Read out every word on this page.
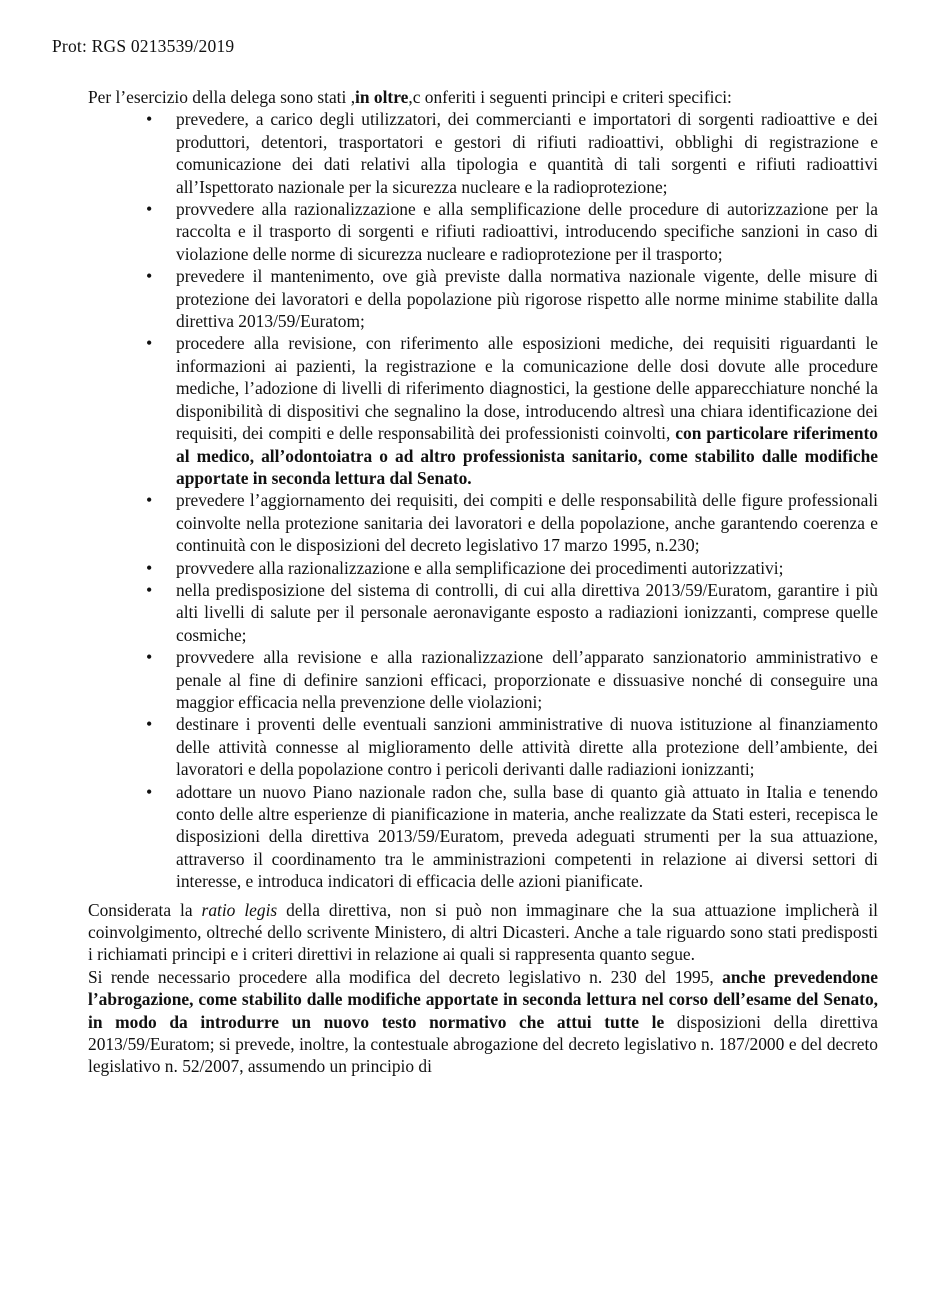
Prot: RGS 0213539/2019

Per l’esercizio della delega sono stati ,in oltre,c onferiti i seguenti principi e criteri specifici:

• prevedere, a carico degli utilizzatori, dei commercianti e importatori di sorgenti radioattive e dei produttori, detentori, trasportatori e gestori di rifiuti radioattivi, obblighi di registrazione e comunicazione dei dati relativi alla tipologia e quantità di tali sorgenti e rifiuti radioattivi all’Ispettorato nazionale per la sicurezza nucleare e la radioprotezione;
• provvedere alla razionalizzazione e alla semplificazione delle procedure di autorizzazione per la raccolta e il trasporto di sorgenti e rifiuti radioattivi, introducendo specifiche sanzioni in caso di violazione delle norme di sicurezza nucleare e radioprotezione per il trasporto;
• prevedere il mantenimento, ove già previste dalla normativa nazionale vigente, delle misure di protezione dei lavoratori e della popolazione più rigorose rispetto alle norme minime stabilite dalla direttiva 2013/59/Euratom;
• procedere alla revisione, con riferimento alle esposizioni mediche, dei requisiti riguardanti le informazioni ai pazienti, la registrazione e la comunicazione delle dosi dovute alle procedure mediche, l’adozione di livelli di riferimento diagnostici, la gestione delle apparecchiature nonché la disponibilità di dispositivi che segnalino la dose, introducendo altresì una chiara identificazione dei requisiti, dei compiti e delle responsabilità dei professionisti coinvolti, con particolare riferimento al medico, all’odontoiatra o ad altro professionista sanitario, come stabilito dalle modifiche apportate in seconda lettura dal Senato.
• prevedere l’aggiornamento dei requisiti, dei compiti e delle responsabilità delle figure professionali coinvolte nella protezione sanitaria dei lavoratori e della popolazione, anche garantendo coerenza e continuità con le disposizioni del decreto legislativo 17 marzo 1995, n.230;
• provvedere alla razionalizzazione e alla semplificazione dei procedimenti autorizzativi;
• nella predisposizione del sistema di controlli, di cui alla direttiva 2013/59/Euratom, garantire i più alti livelli di salute per il personale aeronavigante esposto a radiazioni ionizzanti, comprese quelle cosmiche;
• provvedere alla revisione e alla razionalizzazione dell’apparato sanzionatorio amministrativo e penale al fine di definire sanzioni efficaci, proporzionate e dissuasive nonché di conseguire una maggior efficacia nella prevenzione delle violazioni;
• destinare i proventi delle eventuali sanzioni amministrative di nuova istituzione al finanziamento delle attività connesse al miglioramento delle attività dirette alla protezione dell’ambiente, dei lavoratori e della popolazione contro i pericoli derivanti dalle radiazioni ionizzanti;
• adottare un nuovo Piano nazionale radon che, sulla base di quanto già attuato in Italia e tenendo conto delle altre esperienze di pianificazione in materia, anche realizzate da Stati esteri, recepisca le disposizioni della direttiva 2013/59/Euratom, preveda adeguati strumenti per la sua attuazione, attraverso il coordinamento tra le amministrazioni competenti in relazione ai diversi settori di interesse, e introduca indicatori di efficacia delle azioni pianificate.

Considerata la ratio legis della direttiva, non si può non immaginare che la sua attuazione implicherà il coinvolgimento, oltreché dello scrivente Ministero, di altri Dicasteri. Anche a tale riguardo sono stati predisposti i richiamati principi e i criteri direttivi in relazione ai quali si rappresenta quanto segue.

Si rende necessario procedere alla modifica del decreto legislativo n. 230 del 1995, anche prevedendone l’abrogazione, come stabilito dalle modifiche apportate in seconda lettura nel corso dell’esame del Senato, in modo da introdurre un nuovo testo normativo che attui tutte le disposizioni della direttiva 2013/59/Euratom; si prevede, inoltre, la contestuale abrogazione del decreto legislativo n. 187/2000 e del decreto legislativo n. 52/2007, assumendo un principio di
